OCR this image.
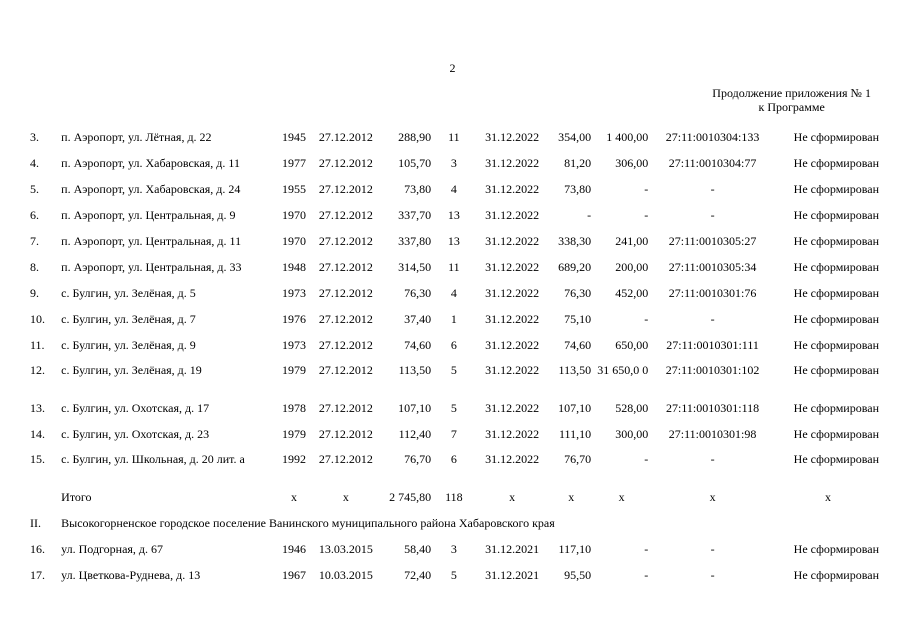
2
Продолжение приложения № 1
к Программе
3.	п. Аэропорт, ул. Лётная, д. 22	1945	27.12.2012	288,90	11	31.12.2022	354,00	1 400,00	27:11:0010304:133	Не сформирован
4.	п. Аэропорт, ул. Хабаровская, д. 11	1977	27.12.2012	105,70	3	31.12.2022	81,20	306,00	27:11:0010304:77	Не сформирован
5.	п. Аэропорт, ул. Хабаровская, д. 24	1955	27.12.2012	73,80	4	31.12.2022	73,80	-	-	Не сформирован
6.	п. Аэропорт, ул. Центральная, д. 9	1970	27.12.2012	337,70	13	31.12.2022	-	-	-	Не сформирован
7.	п. Аэропорт, ул. Центральная, д. 11	1970	27.12.2012	337,80	13	31.12.2022	338,30	241,00	27:11:0010305:27	Не сформирован
8.	п. Аэропорт, ул. Центральная, д. 33	1948	27.12.2012	314,50	11	31.12.2022	689,20	200,00	27:11:0010305:34	Не сформирован
9.	с. Булгин, ул. Зелёная, д. 5	1973	27.12.2012	76,30	4	31.12.2022	76,30	452,00	27:11:0010301:76	Не сформирован
10.	с. Булгин, ул. Зелёная, д. 7	1976	27.12.2012	37,40	1	31.12.2022	75,10	-	-	Не сформирован
11.	с. Булгин, ул. Зелёная, д. 9	1973	27.12.2012	74,60	6	31.12.2022	74,60	650,00	27:11:0010301:111	Не сформирован
12.	с. Булгин, ул. Зелёная, д. 19	1979	27.12.2012	113,50	5	31.12.2022	113,50	31 650,0 0	27:11:0010301:102	Не сформирован
13.	с. Булгин, ул. Охотская, д. 17	1978	27.12.2012	107,10	5	31.12.2022	107,10	528,00	27:11:0010301:118	Не сформирован
14.	с. Булгин, ул. Охотская, д. 23	1979	27.12.2012	112,40	7	31.12.2022	111,10	300,00	27:11:0010301:98	Не сформирован
15.	с. Булгин, ул. Школьная, д. 20 лит. а	1992	27.12.2012	76,70	6	31.12.2022	76,70	-	-	Не сформирован
	Итого	х	х	2 745,80	118	х	х	х	х	х
II.	Высокогорненское городское поселение Ванинского муниципального района Хабаровского края									
16.	ул. Подгорная, д. 67	1946	13.03.2015	58,40	3	31.12.2021	117,10	-	-	Не сформирован
17.	ул. Цветкова-Руднева, д. 13	1967	10.03.2015	72,40	5	31.12.2021	95,50	-	-	Не сформирован
